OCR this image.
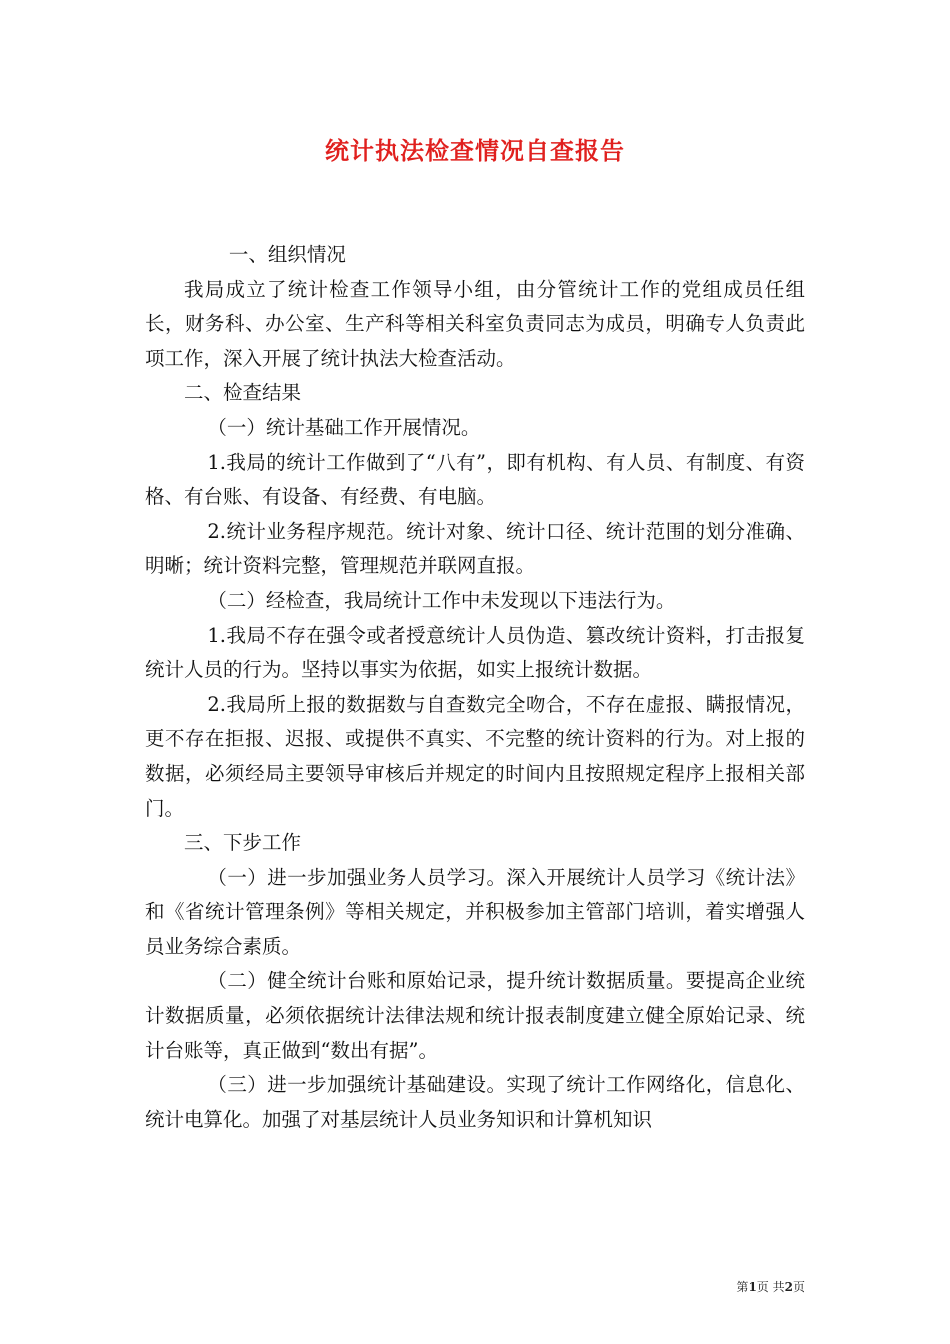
统计执法检查情况自查报告

一、组织情况

我局成立了统计检查工作领导小组，由分管统计工作的党组成员任组长，财务科、办公室、生产科等相关科室负责同志为成员，明确专人负责此项工作，深入开展了统计执法大检查活动。

二、检查结果

（一）统计基础工作开展情况。

1.我局的统计工作做到了“八有”，即有机构、有人员、有制度、有资格、有台账、有设备、有经费、有电脑。

2.统计业务程序规范。统计对象、统计口径、统计范围的划分准确、明晰；统计资料完整，管理规范并联网直报。

（二）经检查，我局统计工作中未发现以下违法行为。

1.我局不存在强令或者授意统计人员伪造、篡改统计资料，打击报复统计人员的行为。坚持以事实为依据，如实上报统计数据。

2.我局所上报的数据数与自查数完全吻合，不存在虚报、瞒报情况，更不存在拒报、迟报、或提供不真实、不完整的统计资料的行为。对上报的数据，必须经局主要领导审核后并规定的时间内且按照规定程序上报相关部门。

三、下步工作

（一）进一步加强业务人员学习。深入开展统计人员学习《统计法》和《省统计管理条例》等相关规定，并积极参加主管部门培训，着实增强人员业务综合素质。

（二）健全统计台账和原始记录，提升统计数据质量。要提高企业统计数据质量，必须依据统计法律法规和统计报表制度建立健全原始记录、统计台账等，真正做到“数出有据”。

（三）进一步加强统计基础建设。实现了统计工作网络化，信息化、统计电算化。加强了对基层统计人员业务知识和计算机知识

第1页 共2页
